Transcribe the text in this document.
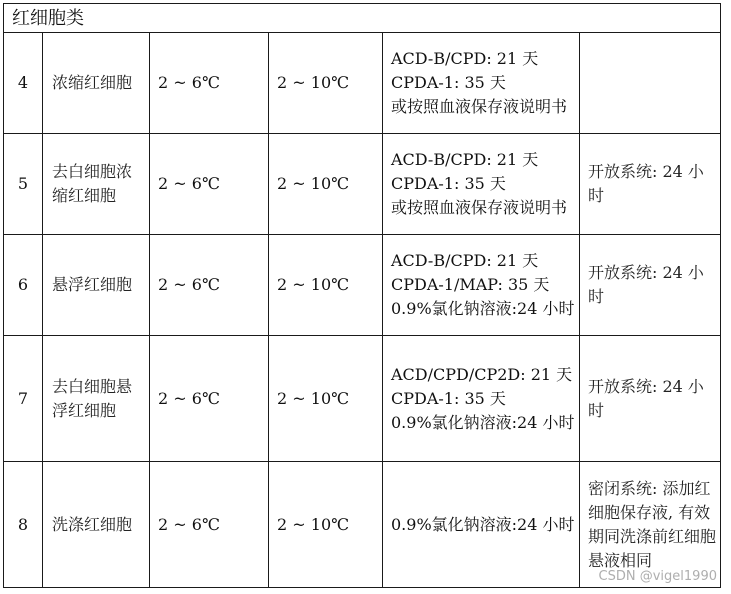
红细胞类					
4	浓缩红细胞	2 ~ 6℃	2 ~ 10℃	ACD-B/CPD: 21 天
CPDA-1: 35 天
或按照血液保存液说明书	

5	去白细胞浓缩红细胞	2 ~ 6℃	2 ~ 10℃	ACD-B/CPD: 21 天
CPDA-1: 35 天
或按照血液保存液说明书	开放系统: 24 小时
6	悬浮红细胞	2 ~ 6℃	2 ~ 10℃	ACD-B/CPD: 21 天
CPDA-1/MAP: 35 天
0.9%氯化钠溶液:24 小时	开放系统: 24 小时
7	去白细胞悬浮红细胞	2 ~ 6℃	2 ~ 10℃	ACD/CPD/CP2D: 21 天
CPDA-1: 35 天
0.9%氯化钠溶液:24 小时	开放系统: 24 小时
8	洗涤红细胞	2 ~ 6℃	2 ~ 10℃	0.9%氯化钠溶液:24 小时	密闭系统: 添加红细胞保存液, 有效期同洗涤前红细胞悬液相同
CSDN @vigel1990
